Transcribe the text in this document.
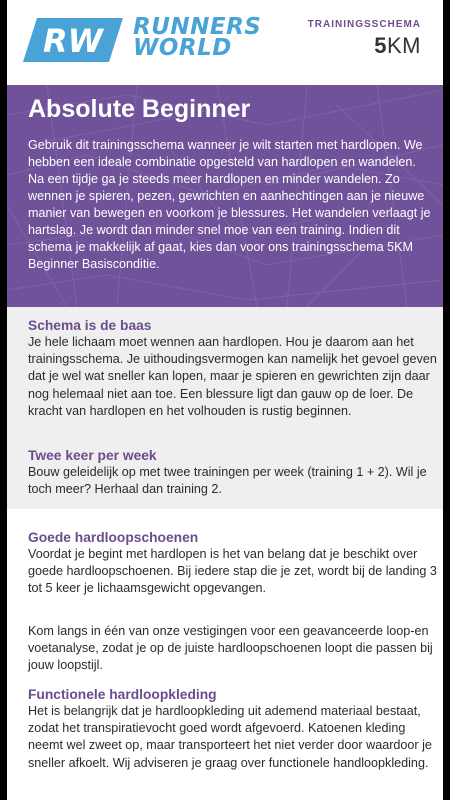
RW RUNNERS
WORLD
TRAININGSSCHEMA
5KM
Absolute Beginner
Gebruik dit trainingsschema wanneer je wilt starten met hardlopen. We hebben een ideale combinatie opgesteld van hardlopen en wandelen. Na een tijdje ga je steeds meer hardlopen en minder wandelen. Zo wennen je spieren, pezen, gewrichten en aanhechtingen aan je nieuwe manier van bewegen en voorkom je blessures. Het wandelen verlaagt je hartslag. Je wordt dan minder snel moe van een training. Indien dit schema je makkelijk af gaat, kies dan voor ons trainingsschema 5KM Beginner Basisconditie.
Schema is de baas
Je hele lichaam moet wennen aan hardlopen. Hou je daarom aan het trainingsschema. Je uithoudingsvermogen kan namelijk het gevoel geven dat je wel wat sneller kan lopen, maar je spieren en gewrichten zijn daar nog helemaal niet aan toe. Een blessure ligt dan gauw op de loer. De kracht van hardlopen en het volhouden is rustig beginnen.
Twee keer per week
Bouw geleidelijk op met twee trainingen per week (training 1 + 2). Wil je toch meer? Herhaal dan training 2.
Goede hardloopschoenen
Voordat je begint met hardlopen is het van belang dat je beschikt over goede hardloopschoenen. Bij iedere stap die je zet, wordt bij de landing 3 tot 5 keer je lichaamsgewicht opgevangen.
Kom langs in één van onze vestigingen voor een geavanceerde loop-en voetanalyse, zodat je op de juiste hardloopschoenen loopt die passen bij jouw loopstijl.
Functionele hardloopkleding
Het is belangrijk dat je hardloopkleding uit ademend materiaal bestaat, zodat het transpiratievocht goed wordt afgevoerd. Katoenen kleding neemt wel zweet op, maar transporteert het niet verder door waardoor je sneller afkoelt. Wij adviseren je graag over functionele handloopkleding.
